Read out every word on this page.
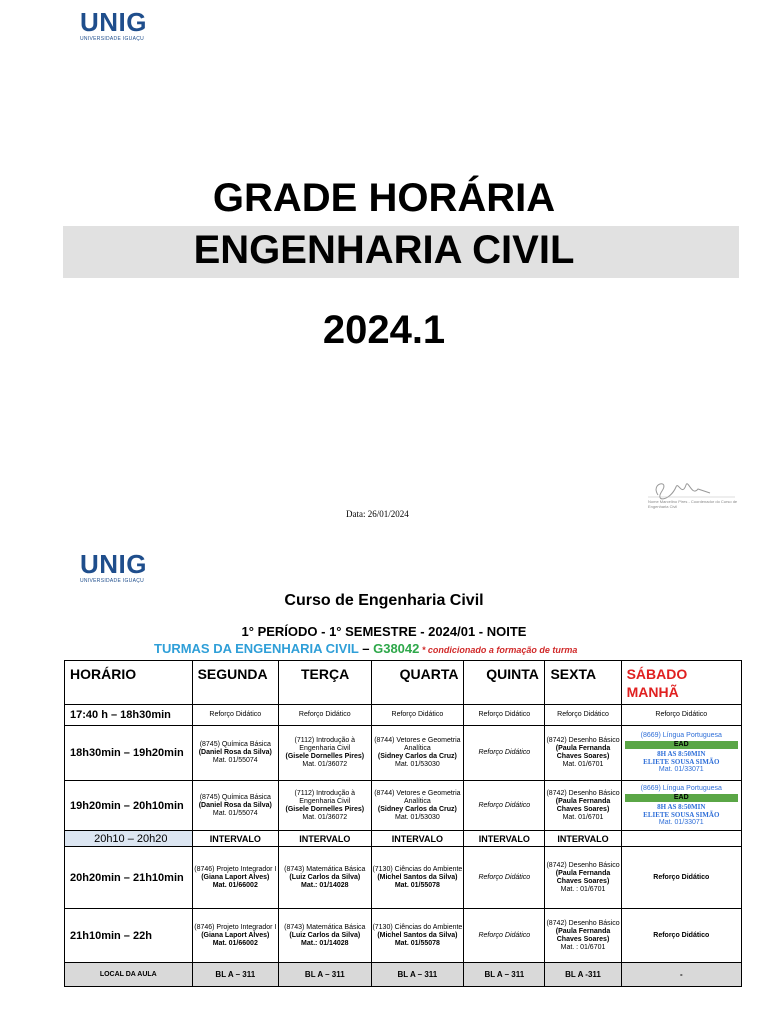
UNIG
UNIVERSIDADE IGUAÇU
GRADE HORÁRIA
ENGENHARIA CIVIL
2024.1
Data: 26/01/2024
Nome Marcelino Pires - Coordenador do Curso de Engenharia Civil
UNIG
UNIVERSIDADE IGUAÇU
Curso de Engenharia Civil
1° PERÍODO - 1° SEMESTRE - 2024/01 - NOITE
TURMAS DA ENGENHARIA CIVIL – G38042 * condicionado a formação de turma
HORÁRIO	SEGUNDA	TERÇA	QUARTA	QUINTA	SEXTA	SÁBADO MANHÃ
17:40 h – 18h30min	Reforço Didático	Reforço Didático	Reforço Didático	Reforço Didático	Reforço Didático	Reforço Didático
18h30min – 19h20min	(8745) Química Básica
(Daniel Rosa da Silva)
Mat. 01/55074	(7112) Introdução à Engenharia Civil
(Gisele Dornelles Pires)
Mat. 01/36072	(8744) Vetores e Geometria Analítica
(Sidney Carlos da Cruz)
Mat. 01/53030	Reforço Didático	(8742) Desenho Básico
(Paula Fernanda Chaves Soares)
Mat. 01/6701	(8669) Língua Portuguesa
EAD
8H AS 8:50MIN
ELIETE SOUSA SIMÃO
Mat. 01/33071
19h20min – 20h10min	(8745) Química Básica
(Daniel Rosa da Silva)
Mat. 01/55074	(7112) Introdução à Engenharia Civil
(Gisele Dornelles Pires)
Mat. 01/36072	(8744) Vetores e Geometria Analítica
(Sidney Carlos da Cruz)
Mat. 01/53030	Reforço Didático	(8742) Desenho Básico
(Paula Fernanda Chaves Soares)
Mat. 01/6701	(8669) Língua Portuguesa
EAD
8H AS 8:50MIN
ELIETE SOUSA SIMÃO
Mat. 01/33071
20h10 – 20h20	INTERVALO	INTERVALO	INTERVALO	INTERVALO	INTERVALO	
20h20min – 21h10min	(8746) Projeto Integrador I
(Giana Laport Alves)
Mat. 01/66002	(8743) Matemática Básica
(Luiz Carlos da Silva)
Mat.: 01/14028	(7130) Ciências do Ambiente
(Michel Santos da Silva)
Mat. 01/55078	Reforço Didático	(8742) Desenho Básico
(Paula Fernanda Chaves Soares)
Mat. : 01/6701	Reforço Didático
21h10min – 22h	(8746) Projeto Integrador I
(Giana Laport Alves)
Mat. 01/66002	(8743) Matemática Básica
(Luiz Carlos da Silva)
Mat.: 01/14028	(7130) Ciências do Ambiente
(Michel Santos da Silva)
Mat. 01/55078	Reforço Didático	(8742) Desenho Básico
(Paula Fernanda Chaves Soares)
Mat. : 01/6701	Reforço Didático
LOCAL DA AULA	BL A – 311	BL A – 311	BL A – 311	BL A – 311	BL A -311	-
